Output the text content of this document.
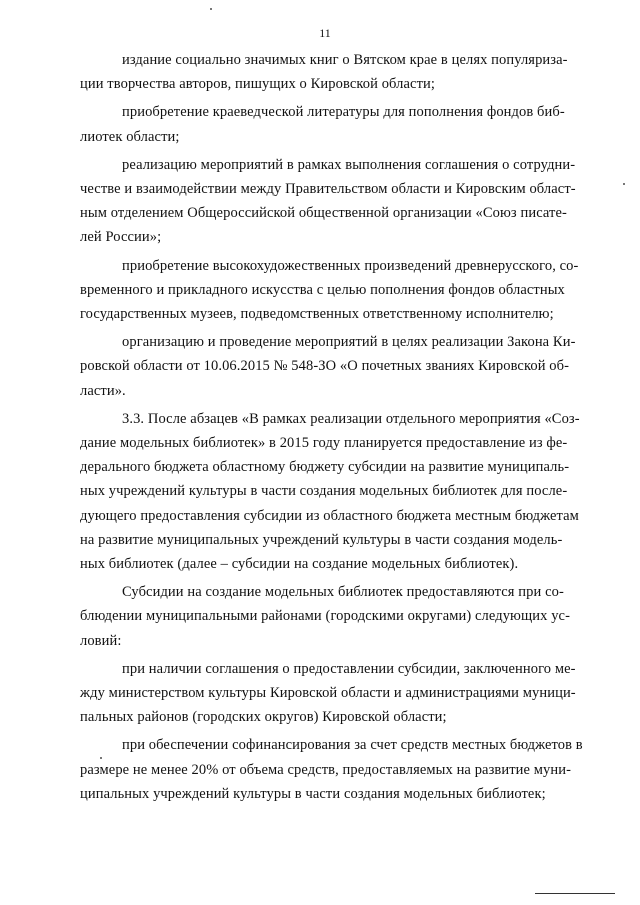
11
издание социально значимых книг о Вятском крае в целях популяриза-
ции творчества авторов, пишущих о Кировской области;
приобретение краеведческой литературы для пополнения фондов биб-
лиотек области;
реализацию мероприятий в рамках выполнения соглашения о сотрудни-
честве и взаимодействии между Правительством области и Кировским област-
ным отделением Общероссийской общественной организации «Союз писате-
лей России»;
приобретение высокохудожественных произведений древнерусского, со-
временного и прикладного искусства с целью пополнения фондов областных
государственных музеев, подведомственных ответственному исполнителю;
организацию и проведение мероприятий в целях реализации Закона Ки-
ровской области от 10.06.2015 № 548-ЗО «О почетных званиях Кировской об-
ласти».
3.3. После абзацев «В рамках реализации отдельного мероприятия «Соз-
дание модельных библиотек» в 2015 году планируется предоставление из фе-
дерального бюджета областному бюджету субсидии на развитие муниципаль-
ных учреждений культуры в части создания модельных библиотек для после-
дующего предоставления субсидии из областного бюджета местным бюджетам
на развитие муниципальных учреждений культуры в части создания модель-
ных библиотек (далее – субсидии на создание модельных библиотек).
Субсидии на создание модельных библиотек предоставляются при со-
блюдении муниципальными районами (городскими округами) следующих ус-
ловий:
при наличии соглашения о предоставлении субсидии, заключенного ме-
жду министерством культуры Кировской области и администрациями муници-
пальных районов (городских округов) Кировской области;
при обеспечении софинансирования за счет средств местных бюджетов в
размере не менее 20% от объема средств, предоставляемых на развитие муни-
ципальных учреждений культуры в части создания модельных библиотек;
